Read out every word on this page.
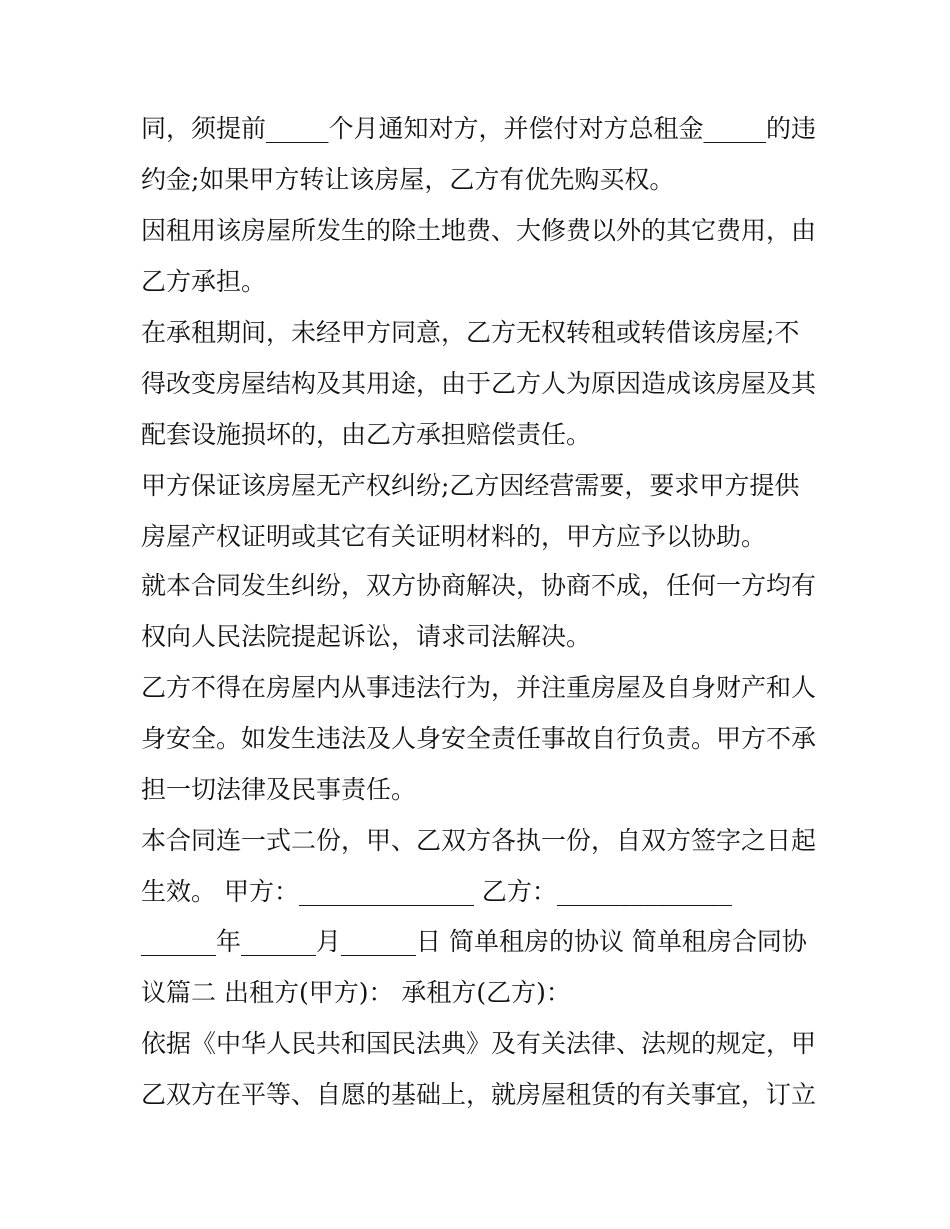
同，须提前_____个月通知对方，并偿付对方总租金_____的违
约金;如果甲方转让该房屋，乙方有优先购买权。
因租用该房屋所发生的除土地费、大修费以外的其它费用，由
乙方承担。
在承租期间，未经甲方同意，乙方无权转租或转借该房屋;不
得改变房屋结构及其用途，由于乙方人为原因造成该房屋及其
配套设施损坏的，由乙方承担赔偿责任。
甲方保证该房屋无产权纠纷;乙方因经营需要，要求甲方提供
房屋产权证明或其它有关证明材料的，甲方应予以协助。
就本合同发生纠纷，双方协商解决，协商不成，任何一方均有
权向人民法院提起诉讼，请求司法解决。
乙方不得在房屋内从事违法行为，并注重房屋及自身财产和人
身安全。如发生违法及人身安全责任事故自行负责。甲方不承
担一切法律及民事责任。
本合同连一式二份，甲、乙双方各执一份，自双方签字之日起
生效。 甲方：______________ 乙方：______________
______年______月______日 简单租房的协议 简单租房合同协
议篇二 出租方(甲方)： 承租方(乙方)：
依据《中华人民共和国民法典》及有关法律、法规的规定，甲
乙双方在平等、自愿的基础上，就房屋租赁的有关事宜，订立
